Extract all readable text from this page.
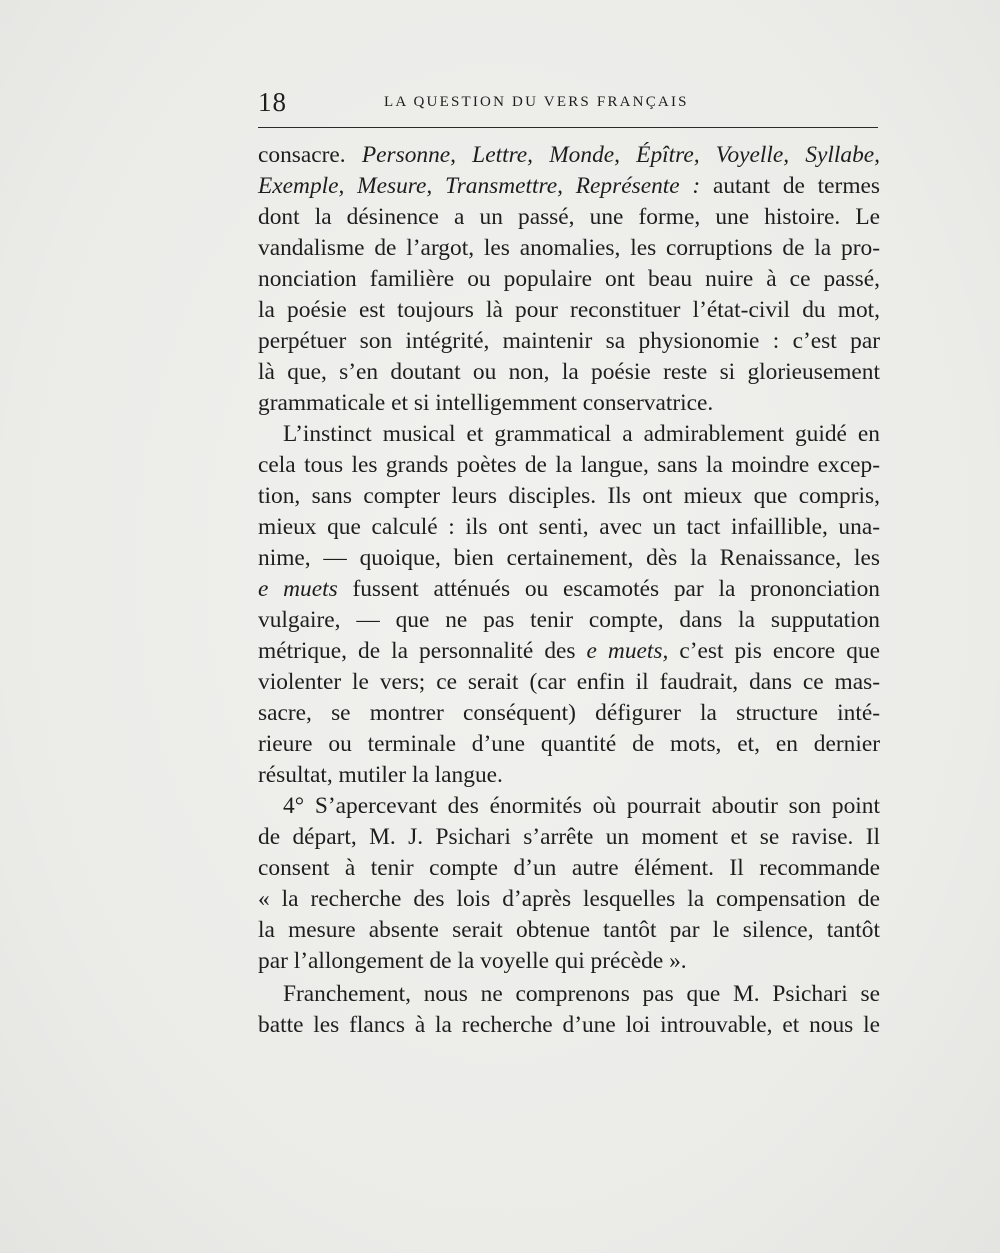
18	LA QUESTION DU VERS FRANÇAIS
consacre. Personne, Lettre, Monde, Épître, Voyelle, Syllabe,
Exemple, Mesure, Transmettre, Représente : autant de termes
dont la désinence a un passé, une forme, une histoire. Le
vandalisme de l’argot, les anomalies, les corruptions de la pro-
nonciation familière ou populaire ont beau nuire à ce passé,
la poésie est toujours là pour reconstituer l’état-civil du mot,
perpétuer son intégrité, maintenir sa physionomie : c’est par
là que, s’en doutant ou non, la poésie reste si glorieusement
grammaticale et si intelligemment conservatrice.
L’instinct musical et grammatical a admirablement guidé en
cela tous les grands poètes de la langue, sans la moindre excep-
tion, sans compter leurs disciples. Ils ont mieux que compris,
mieux que calculé : ils ont senti, avec un tact infaillible, una-
nime, — quoique, bien certainement, dès la Renaissance, les
e muets fussent atténués ou escamotés par la prononciation
vulgaire, — que ne pas tenir compte, dans la supputation
métrique, de la personnalité des e muets, c’est pis encore que
violenter le vers; ce serait (car enfin il faudrait, dans ce mas-
sacre, se montrer conséquent) défigurer la structure inté-
rieure ou terminale d’une quantité de mots, et, en dernier
résultat, mutiler la langue.
4° S’apercevant des énormités où pourrait aboutir son point
de départ, M. J. Psichari s’arrête un moment et se ravise. Il
consent à tenir compte d’un autre élément. Il recommande
« la recherche des lois d’après lesquelles la compensation de
la mesure absente serait obtenue tantôt par le silence, tantôt
par l’allongement de la voyelle qui précède ».
Franchement, nous ne comprenons pas que M. Psichari se
batte les flancs à la recherche d’une loi introuvable, et nous le
